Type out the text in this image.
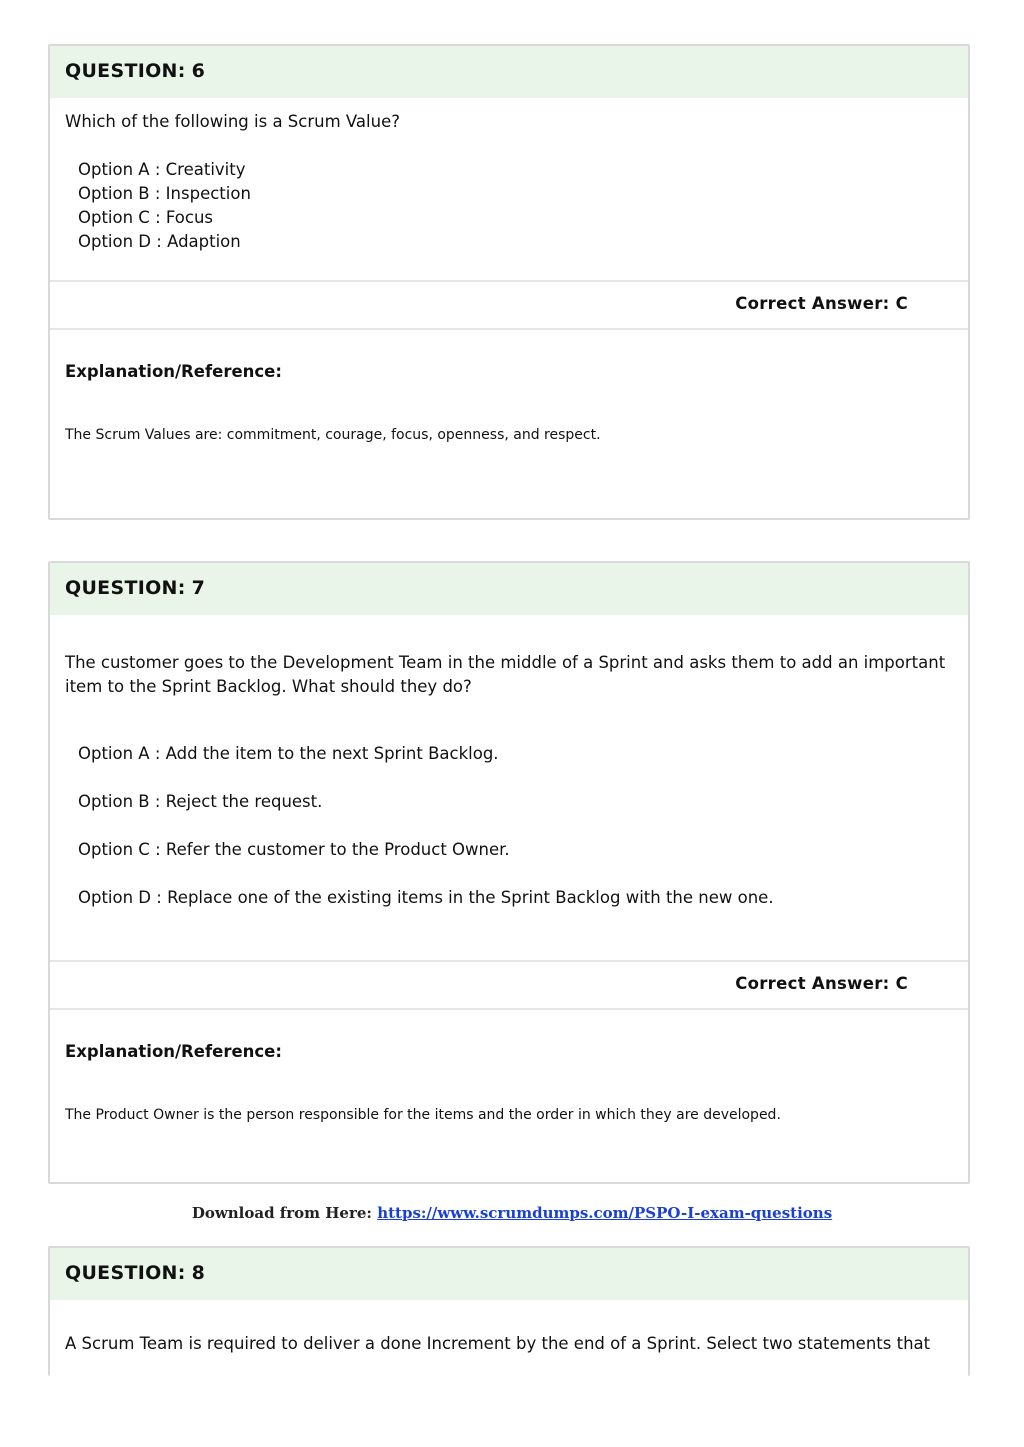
QUESTION: 6
Which of the following is a Scrum Value?
Option A : Creativity
Option B : Inspection
Option C : Focus
Option D : Adaption
Correct Answer: C
Explanation/Reference:
The Scrum Values are: commitment, courage, focus, openness, and respect.
QUESTION: 7
The customer goes to the Development Team in the middle of a Sprint and asks them to add an important
item to the Sprint Backlog. What should they do?
Option A : Add the item to the next Sprint Backlog.
Option B : Reject the request.
Option C : Refer the customer to the Product Owner.
Option D : Replace one of the existing items in the Sprint Backlog with the new one.
Correct Answer: C
Explanation/Reference:
The Product Owner is the person responsible for the items and the order in which they are developed.
Download from Here: https://www.scrumdumps.com/PSPO-I-exam-questions
QUESTION: 8
A Scrum Team is required to deliver a done Increment by the end of a Sprint. Select two statements that
